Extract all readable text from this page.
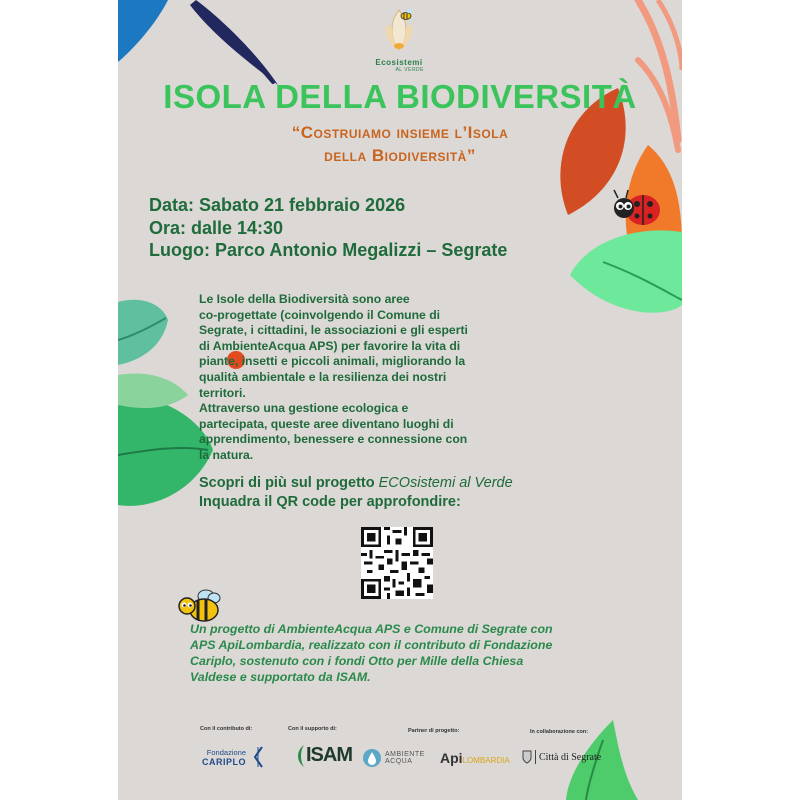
Ecosistemi
AL VERDE
ISOLA DELLA BIODIVERSITÀ
“Costruiamo insieme l’Isola
della Biodiversità”
Data: Sabato 21 febbraio 2026
Ora: dalle 14:30
Luogo: Parco Antonio Megalizzi – Segrate
Le Isole della Biodiversità sono aree
co-progettate (coinvolgendo il Comune di
Segrate, i cittadini, le associazioni e gli esperti
di AmbienteAcqua APS) per favorire la vita di
piante, insetti e piccoli animali, migliorando la
qualità ambientale e la resilienza dei nostri
territori.
Attraverso una gestione ecologica e
partecipata, queste aree diventano luoghi di
apprendimento, benessere e connessione con
la natura.
Scopri di più sul progetto ECOsistemi al Verde
Inquadra il QR code per approfondire:
Un progetto di AmbienteAcqua APS e Comune di Segrate con
APS ApiLombardia, realizzato con il contributo di Fondazione
Cariplo, sostenuto con i fondi Otto per Mille della Chiesa
Valdese e supportato da ISAM.
Con il contributo di:	Con il supporto di:	Partner di progetto:	In collaborazione con:
Fondazione
CARIPLO	ISAM	AMBIENTE
ACQUA	ApiLOMBARDIA	Città di Segrate
